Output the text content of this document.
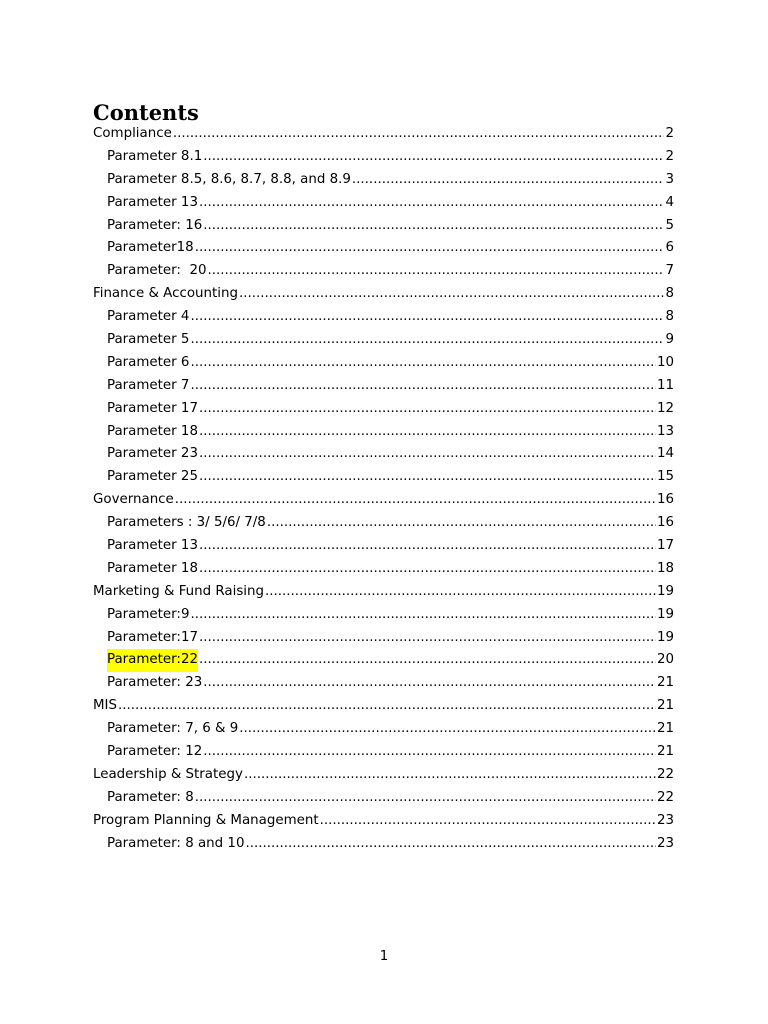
Contents
Compliance .....	2
Parameter 8.1 .....	2
Parameter 8.5, 8.6, 8.7, 8.8, and 8.9 .....	3
Parameter 13 .....	4
Parameter: 16 .....	5
Parameter18 .....	6
Parameter:  20 .....	7
Finance & Accounting .....	8
Parameter 4 .....	8
Parameter 5 .....	9
Parameter 6 .....	10
Parameter 7 .....	11
Parameter 17 .....	12
Parameter 18 .....	13
Parameter 23 .....	14
Parameter 25 .....	15
Governance .....	16
Parameters : 3/ 5/6/ 7/8 .....	16
Parameter 13 .....	17
Parameter 18 .....	18
Marketing & Fund Raising .....	19
Parameter:9 .....	19
Parameter:17 .....	19
Parameter:22 .....	20
Parameter: 23 .....	21
MIS .....	21
Parameter: 7, 6 & 9 .....	21
Parameter: 12 .....	21
Leadership & Strategy .....	22
Parameter: 8 .....	22
Program Planning & Management .....	23
Parameter: 8 and 10 .....	23
1
